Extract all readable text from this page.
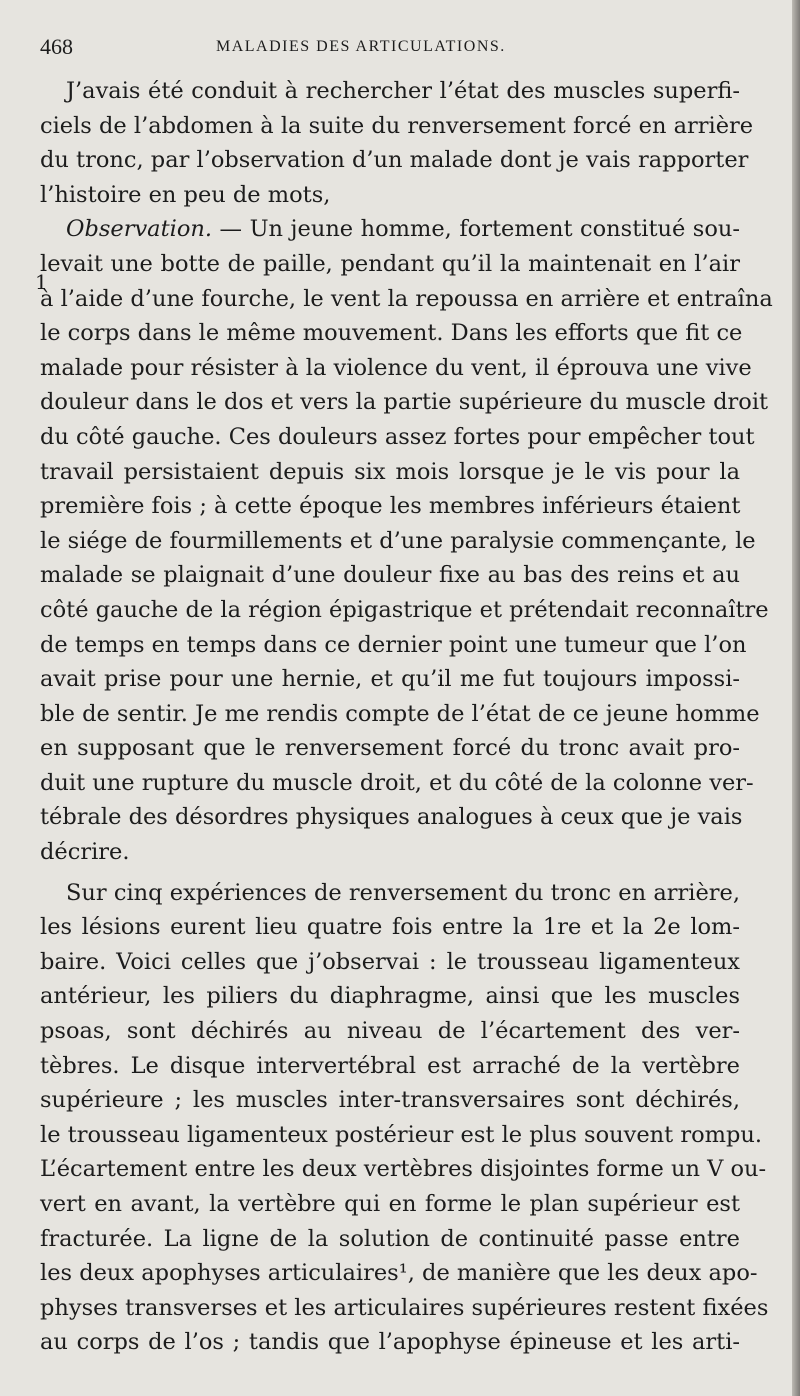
468	MALADIES DES ARTICULATIONS.
1
J’avais été conduit à rechercher l’état des muscles superfi-
ciels de l’abdomen à la suite du renversement forcé en arrière
du tronc, par l’observation d’un malade dont je vais rapporter
l’histoire en peu de mots,
Observation. — Un jeune homme, fortement constitué sou-
levait une botte de paille, pendant qu’il la maintenait en l’air
à l’aide d’une fourche, le vent la repoussa en arrière et entraîna
le corps dans le même mouvement. Dans les efforts que fit ce
malade pour résister à la violence du vent, il éprouva une vive
douleur dans le dos et vers la partie supérieure du muscle droit
du côté gauche. Ces douleurs assez fortes pour empêcher tout
travail persistaient depuis six mois lorsque je le vis pour la
première fois ; à cette époque les membres inférieurs étaient
le siége de fourmillements et d’une paralysie commençante, le
malade se plaignait d’une douleur fixe au bas des reins et au
côté gauche de la région épigastrique et prétendait reconnaître
de temps en temps dans ce dernier point une tumeur que l’on
avait prise pour une hernie, et qu’il me fut toujours impossi-
ble de sentir. Je me rendis compte de l’état de ce jeune homme
en supposant que le renversement forcé du tronc avait pro-
duit une rupture du muscle droit, et du côté de la colonne ver-
tébrale des désordres physiques analogues à ceux que je vais
décrire.
Sur cinq expériences de renversement du tronc en arrière,
les lésions eurent lieu quatre fois entre la 1re et la 2e lom-
baire. Voici celles que j’observai : le trousseau ligamenteux
antérieur, les piliers du diaphragme, ainsi que les muscles
psoas, sont déchirés au niveau de l’écartement des ver-
tèbres. Le disque intervertébral est arraché de la vertèbre
supérieure ; les muscles inter-transversaires sont déchirés,
le trousseau ligamenteux postérieur est le plus souvent rompu.
L’écartement entre les deux vertèbres disjointes forme un V ou-
vert en avant, la vertèbre qui en forme le plan supérieur est
fracturée. La ligne de la solution de continuité passe entre
les deux apophyses articulaires¹, de manière que les deux apo-
physes transverses et les articulaires supérieures restent fixées
au corps de l’os ; tandis que l’apophyse épineuse et les arti-
